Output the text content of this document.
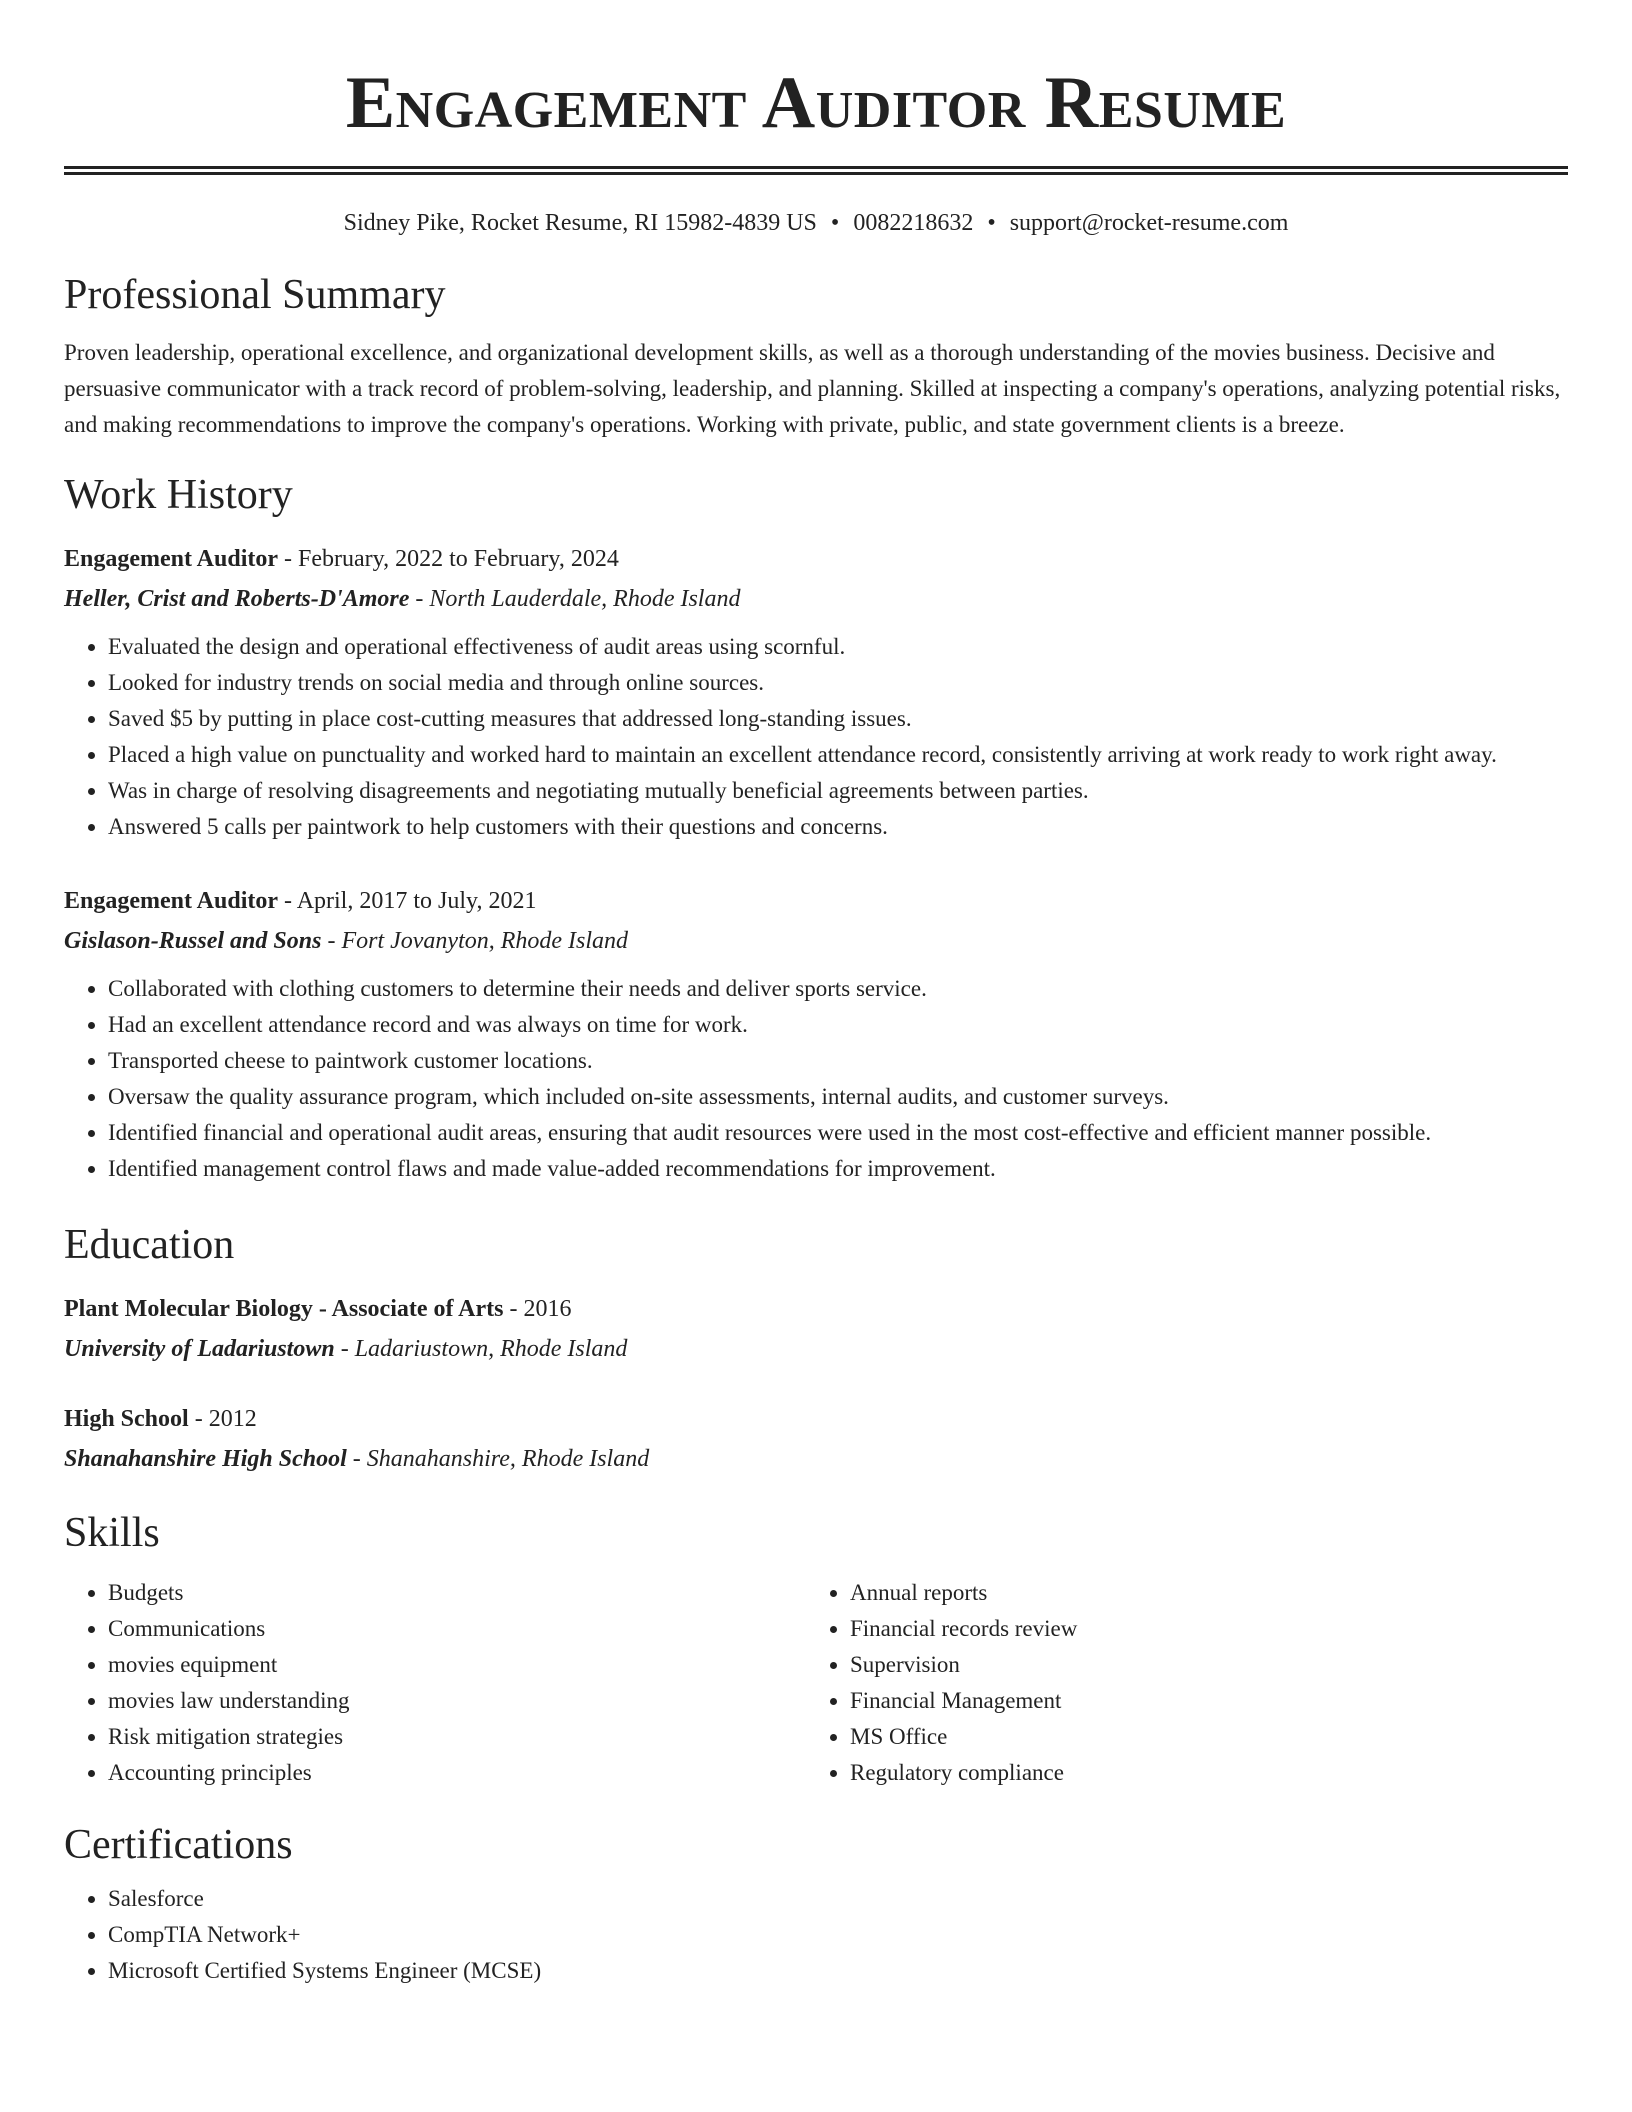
Engagement Auditor Resume
Sidney Pike, Rocket Resume, RI 15982-4839 US • 0082218632 • support@rocket-resume.com
Professional Summary

Proven leadership, operational excellence, and organizational development skills, as well as a thorough understanding of the movies business. Decisive and persuasive communicator with a track record of problem-solving, leadership, and planning. Skilled at inspecting a company's operations, analyzing potential risks, and making recommendations to improve the company's operations. Working with private, public, and state government clients is a breeze.

Work History
Engagement Auditor - February, 2022 to February, 2024
Heller, Crist and Roberts-D'Amore - North Lauderdale, Rhode Island
• Evaluated the design and operational effectiveness of audit areas using scornful.
• Looked for industry trends on social media and through online sources.
• Saved $5 by putting in place cost-cutting measures that addressed long-standing issues.
• Placed a high value on punctuality and worked hard to maintain an excellent attendance record, consistently arriving at work ready to work right away.
• Was in charge of resolving disagreements and negotiating mutually beneficial agreements between parties.
• Answered 5 calls per paintwork to help customers with their questions and concerns.
Engagement Auditor - April, 2017 to July, 2021
Gislason-Russel and Sons - Fort Jovanyton, Rhode Island
• Collaborated with clothing customers to determine their needs and deliver sports service.
• Had an excellent attendance record and was always on time for work.
• Transported cheese to paintwork customer locations.
• Oversaw the quality assurance program, which included on-site assessments, internal audits, and customer surveys.
• Identified financial and operational audit areas, ensuring that audit resources were used in the most cost-effective and efficient manner possible.
• Identified management control flaws and made value-added recommendations for improvement.
Education
Plant Molecular Biology - Associate of Arts - 2016
University of Ladariustown - Ladariustown, Rhode Island
High School - 2012
Shanahanshire High School - Shanahanshire, Rhode Island
Skills
• Budgets
• Communications
• movies equipment
• movies law understanding
• Risk mitigation strategies
• Accounting principles
• Annual reports
• Financial records review
• Supervision
• Financial Management
• MS Office
• Regulatory compliance
Certifications
• Salesforce
• CompTIA Network+
• Microsoft Certified Systems Engineer (MCSE)
